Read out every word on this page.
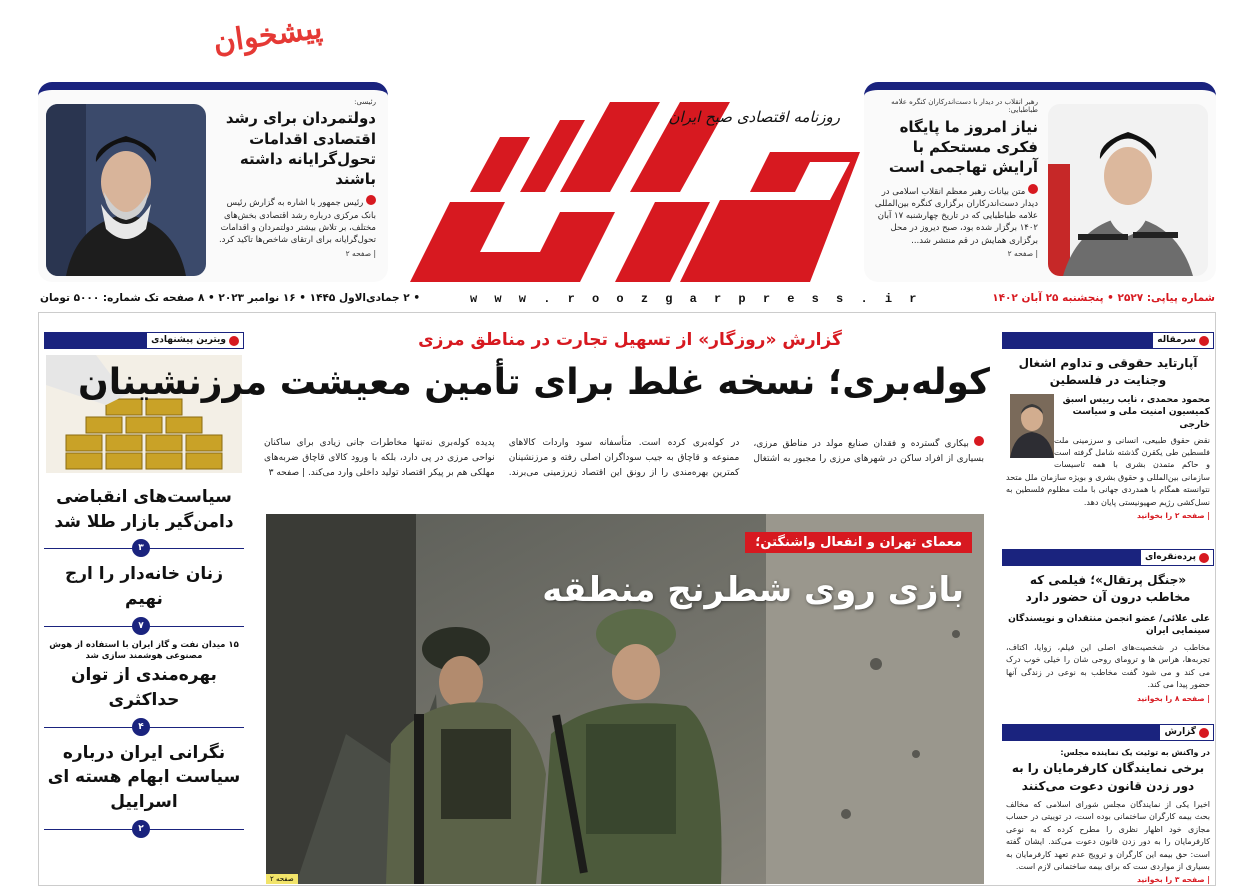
پیشخوان
روزنامه اقتصادی صبح ایران
رئیسی:
دولتمردان برای رشد اقتصادی اقدامات تحول‌گرایانه داشته باشند
رئیس جمهور با اشاره به گزارش رئیس بانک مرکزی درباره رشد اقتصادی بخش‌های مختلف، بر تلاش بیشتر دولتمردان و اقدامات تحول‌گرایانه برای ارتقای شاخص‌ها تاکید کرد.
| صفحه ۲
رهبر انقلاب در دیدار با دست‌اندرکاران کنگره علامه طباطبایی:
نیاز امروز ما پایگاه فکری مستحکم با آرایش تهاجمی است
متن بیانات رهبر معظم انقلاب اسلامی در دیدار دست‌اندرکاران برگزاری کنگره بین‌المللی علامه طباطبایی که در تاریخ چهارشنبه ۱۷ آبان ۱۴۰۲ برگزار شده بود، صبح دیروز در محل برگزاری همایش در قم منتشر شد...
| صفحه ۲
شماره پیاپی: ۲۵۲۷ • پنجشنبه ۲۵ آبان ۱۴۰۲
w w w . r o o z g a r p r e s s . i r
• ۲ جمادی‌الاول ۱۴۴۵ • ۱۶ نوامبر ۲۰۲۳ • ۸ صفحه تک شماره: ۵۰۰۰ تومان
ویترین پیشنهادی
سیاست‌های انقباضی دامن‌گیر بازار طلا شد
۳
زنان خانه‌دار را ارج نهیم
۷
۱۵ میدان نفت و گاز ایران با استفاده از هوش مصنوعی هوشمند سازی شد
بهره‌مندی از توان حداکثری
۴
نگرانی ایران درباره سیاست ابهام هسته ای اسراییل
۲
گزارش «روزگار» از تسهیل تجارت در مناطق مرزی
کوله‌بری؛ نسخه غلط برای تأمین معیشت مرزنشینان
بیکاری گسترده و فقدان صنایع مولد در مناطق مرزی، بسیاری از افراد ساکن در شهرهای مرزی را مجبور به اشتغال در کوله‌بری کرده است. متأسفانه سود واردات کالاهای ممنوعه و قاچاق به جیب سوداگران اصلی رفته و مرزنشینان کمترین بهره‌مندی را از رونق این اقتصاد زیرزمینی می‌برند. پدیده کوله‌بری نه‌تنها مخاطرات جانی زیادی برای ساکنان نواحی مرزی در پی دارد، بلکه با ورود کالای قاچاق ضربه‌های مهلکی هم بر پیکر اقتصاد تولید داخلی وارد می‌کند. | صفحه ۳
معمای تهران و انفعال واشنگتن؛
بازی روی شطرنج منطقه
صفحه ۲
سرمقاله
آپارتاید حقوقی و تداوم اشغال وجنایت در فلسطین
محمود محمدی ، نایب رییس اسبق کمیسیون امنیت ملی و سیاست خارجی
نقض حقوق طبیعی، انسانی و سرزمینی ملت فلسطین طی یکقرن گذشته شامل گرفته است و حاکم متمدن بشری با همه تاسیسات سازمانی بین‌المللی و حقوق بشری و بویژه سازمان ملل متحد نتوانسته همگام با همدردی جهانی با ملت مظلوم فلسطین به نسل‌کشی رژیم صهیونیستی پایان دهد.
| صفحه ۲ را بخوانید
پرده‌نقره‌ای
«جنگل پرتقال»؛ فیلمی که مخاطب درون آن حضور دارد
علی علائی/ عضو انجمن منتقدان و نویسندگان سینمایی ایران
مخاطب در شخصیت‌های اصلی این فیلم، زوایا، اکتاف، تجربه‌ها، هراس ها و ترومای روحی شان را خیلی خوب درک می کند و می شود گفت مخاطب به نوعی در زندگی آنها حضور پیدا می کند.
| صفحه ۸ را بخوانید
گزارش
در واکنش به توئیت یک نماینده مجلس:
برخی نمایندگان کارفرمایان را به دور زدن قانون دعوت می‌کنند
اخیرا یکی از نمایندگان مجلس شورای اسلامی که مخالف بحث بیمه کارگران ساختمانی بوده است، در توییتی در حساب مجازی خود اظهار نظری را مطرح کرده که به نوعی کارفرمایان را به دور زدن قانون دعوت می‌کند. ایشان گفته است: حق بیمه این کارگران و ترویج عدم تعهد کارفرمایان به بسیاری از مواردی ست که برای بیمه ساختمانی لازم است.
| صفحه ۳ را بخوانید
